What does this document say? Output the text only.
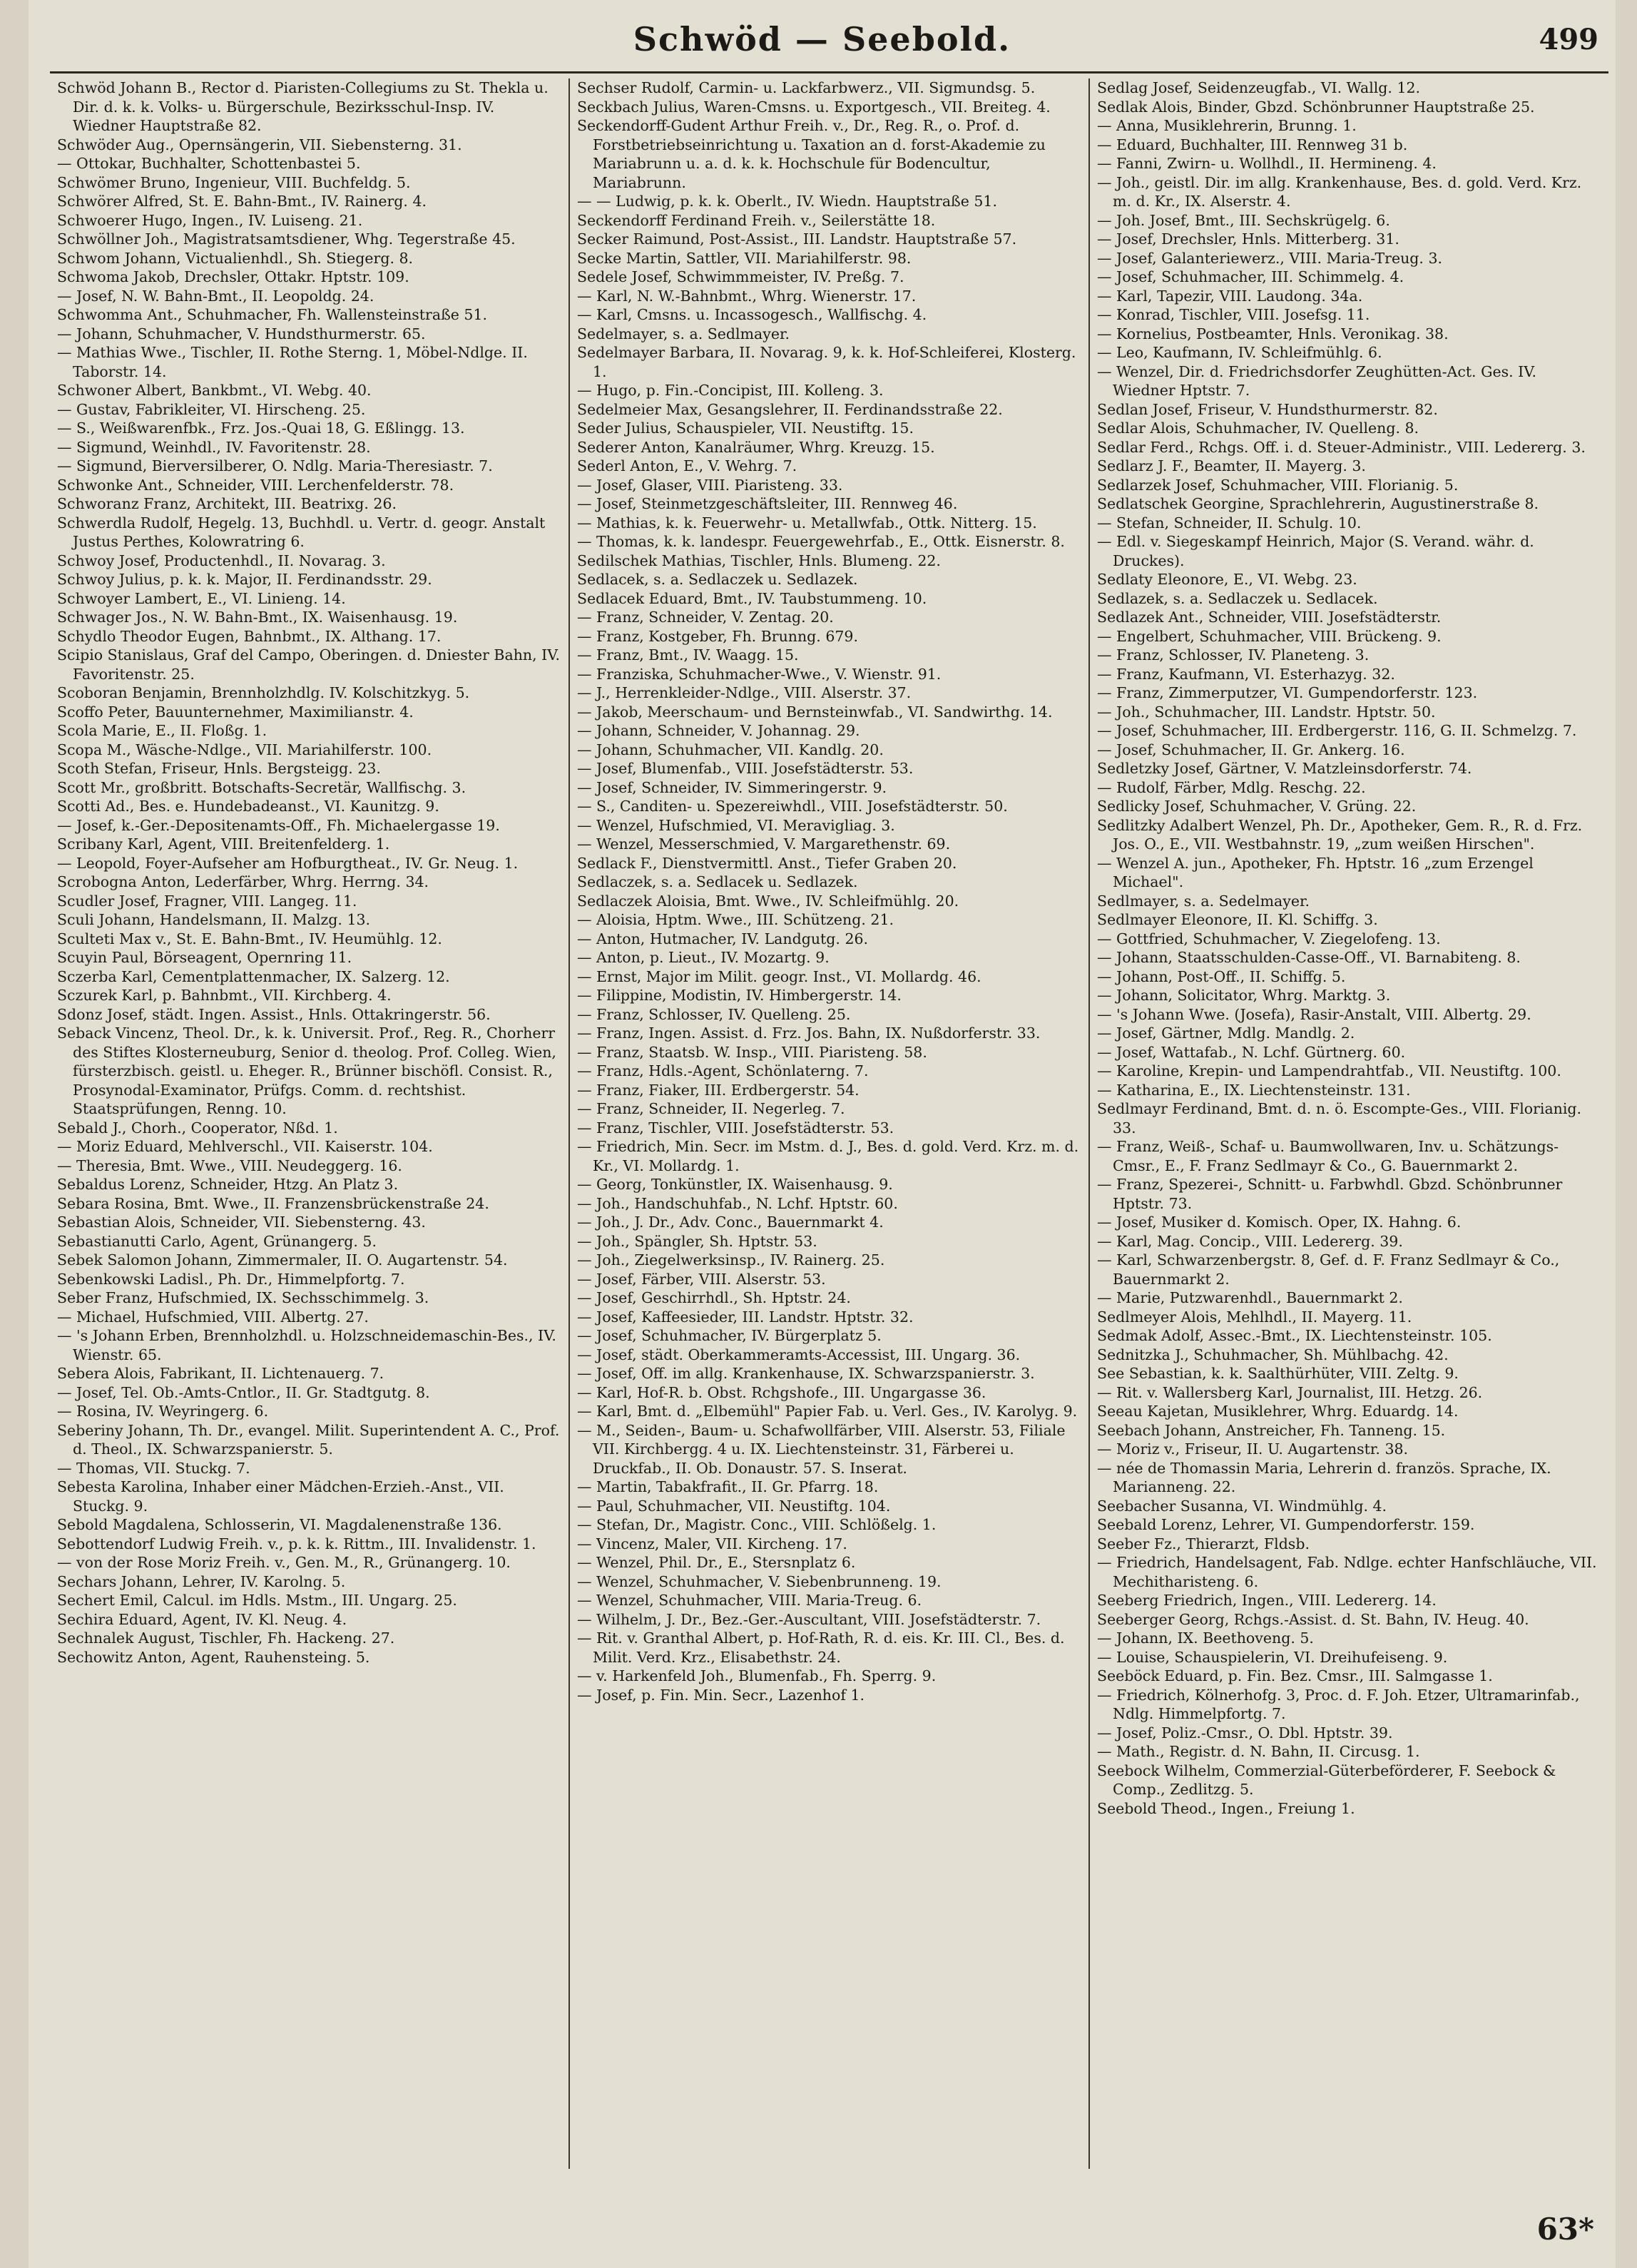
Schwöd — Seebold.	499
Schwöd Johann B., Rector d. Piaristen-Collegiums zu St. Thekla u. Dir. d. k. k. Volks- u. Bürgerschule, Bezirksschul-Insp. IV. Wiedner Hauptstraße 82.
Schwöder Aug., Opernsängerin, VII. Siebensterng. 31.
— Ottokar, Buchhalter, Schottenbastei 5.
Schwömer Bruno, Ingenieur, VIII. Buchfeldg. 5.
Schwörer Alfred, St. E. Bahn-Bmt., IV. Rainerg. 4.
Schwoerer Hugo, Ingen., IV. Luiseng. 21.
Schwöllner Joh., Magistratsamtsdiener, Whg. Tegerstraße 45.
Schwom Johann, Victualienhdl., Sh. Stiegerg. 8.
Schwoma Jakob, Drechsler, Ottakr. Hptstr. 109.
— Josef, N. W. Bahn-Bmt., II. Leopoldg. 24.
Schwomma Ant., Schuhmacher, Fh. Wallensteinstraße 51.
— Johann, Schuhmacher, V. Hundsthurmerstr. 65.
— Mathias Wwe., Tischler, II. Rothe Sterng. 1, Möbel-Ndlge. II. Taborstr. 14.
Schwoner Albert, Bankbmt., VI. Webg. 40.
— Gustav, Fabrikleiter, VI. Hirscheng. 25.
— S., Weißwarenfbk., Frz. Jos.-Quai 18, G. Eßlingg. 13.
— Sigmund, Weinhdl., IV. Favoritenstr. 28.
— Sigmund, Bierversilberer, O. Ndlg. Maria-Theresiastr. 7.
Schwonke Ant., Schneider, VIII. Lerchenfelderstr. 78.
Schworanz Franz, Architekt, III. Beatrixg. 26.
Schwerdla Rudolf, Hegelg. 13, Buchhdl. u. Vertr. d. geogr. Anstalt Justus Perthes, Kolowratring 6.
Schwoy Josef, Productenhdl., II. Novarag. 3.
Schwoy Julius, p. k. k. Major, II. Ferdinandsstr. 29.
Schwoyer Lambert, E., VI. Linieng. 14.
Schwager Jos., N. W. Bahn-Bmt., IX. Waisenhausg. 19.
Schydlo Theodor Eugen, Bahnbmt., IX. Althang. 17.
Scipio Stanislaus, Graf del Campo, Oberingen. d. Dniester Bahn, IV. Favoritenstr. 25.
Scoboran Benjamin, Brennholzhdlg. IV. Kolschitzkyg. 5.
Scoffo Peter, Bauunternehmer, Maximilianstr. 4.
Scola Marie, E., II. Floßg. 1.
Scopa M., Wäsche-Ndlge., VII. Mariahilferstr. 100.
Scoth Stefan, Friseur, Hnls. Bergsteigg. 23.
Scott Mr., großbritt. Botschafts-Secretär, Wallfischg. 3.
Scotti Ad., Bes. e. Hundebadeanst., VI. Kaunitzg. 9.
— Josef, k.-Ger.-Depositenamts-Off., Fh. Michaelergasse 19.
Scribany Karl, Agent, VIII. Breitenfelderg. 1.
— Leopold, Foyer-Aufseher am Hofburgtheat., IV. Gr. Neug. 1.
Scrobogna Anton, Lederfärber, Whrg. Herrng. 34.
Scudler Josef, Fragner, VIII. Langeg. 11.
Sculi Johann, Handelsmann, II. Malzg. 13.
Sculteti Max v., St. E. Bahn-Bmt., IV. Heumühlg. 12.
Scuyin Paul, Börseagent, Opernring 11.
Sczerba Karl, Cementplattenmacher, IX. Salzerg. 12.
Sczurek Karl, p. Bahnbmt., VII. Kirchberg. 4.
Sdonz Josef, städt. Ingen. Assist., Hnls. Ottakringerstr. 56.
Seback Vincenz, Theol. Dr., k. k. Universit. Prof., Reg. R., Chorherr des Stiftes Klosterneuburg, Senior d. theolog. Prof. Colleg. Wien, fürsterzbisch. geistl. u. Eheger. R., Brünner bischöfl. Consist. R., Prosynodal-Examinator, Prüfgs. Comm. d. rechtshist. Staatsprüfungen, Renng. 10.
Sebald J., Chorh., Cooperator, Nßd. 1.
— Moriz Eduard, Mehlverschl., VII. Kaiserstr. 104.
— Theresia, Bmt. Wwe., VIII. Neudeggerg. 16.
Sebaldus Lorenz, Schneider, Htzg. An Platz 3.
Sebara Rosina, Bmt. Wwe., II. Franzensbrückenstraße 24.
Sebastian Alois, Schneider, VII. Siebensterng. 43.
Sebastianutti Carlo, Agent, Grünangerg. 5.
Sebek Salomon Johann, Zimmermaler, II. O. Augartenstr. 54.
Sebenkowski Ladisl., Ph. Dr., Himmelpfortg. 7.
Seber Franz, Hufschmied, IX. Sechsschimmelg. 3.
— Michael, Hufschmied, VIII. Albertg. 27.
— 's Johann Erben, Brennholzhdl. u. Holzschneidemaschin-Bes., IV. Wienstr. 65.
Sebera Alois, Fabrikant, II. Lichtenauerg. 7.
— Josef, Tel. Ob.-Amts-Cntlor., II. Gr. Stadtgutg. 8.
— Rosina, IV. Weyringerg. 6.
Seberiny Johann, Th. Dr., evangel. Milit. Superintendent A. C., Prof. d. Theol., IX. Schwarzspanierstr. 5.
— Thomas, VII. Stuckg. 7.
Sebesta Karolina, Inhaber einer Mädchen-Erzieh.-Anst., VII. Stuckg. 9.
Sebold Magdalena, Schlosserin, VI. Magdalenenstraße 136.
Sebottendorf Ludwig Freih. v., p. k. k. Rittm., III. Invalidenstr. 1.
— von der Rose Moriz Freih. v., Gen. M., R., Grünangerg. 10.
Sechars Johann, Lehrer, IV. Karolng. 5.
Sechert Emil, Calcul. im Hdls. Mstm., III. Ungarg. 25.
Sechira Eduard, Agent, IV. Kl. Neug. 4.
Sechnalek August, Tischler, Fh. Hackeng. 27.
Sechowitz Anton, Agent, Rauhensteing. 5.
Sechser Rudolf, Carmin- u. Lackfarbwerz., VII. Sigmundsg. 5.
Seckbach Julius, Waren-Cmsns. u. Exportgesch., VII. Breiteg. 4.
Seckendorff-Gudent Arthur Freih. v., Dr., Reg. R., o. Prof. d. Forstbetriebseinrichtung u. Taxation an d. forst-Akademie zu Mariabrunn u. a. d. k. k. Hochschule für Bodencultur, Mariabrunn.
— — Ludwig, p. k. k. Oberlt., IV. Wiedn. Hauptstraße 51.
Seckendorff Ferdinand Freih. v., Seilerstätte 18.
Secker Raimund, Post-Assist., III. Landstr. Hauptstraße 57.
Secke Martin, Sattler, VII. Mariahilferstr. 98.
Sedele Josef, Schwimmmeister, IV. Preßg. 7.
— Karl, N. W.-Bahnbmt., Whrg. Wienerstr. 17.
— Karl, Cmsns. u. Incassogesch., Wallfischg. 4.
Sedelmayer, s. a. Sedlmayer.
Sedelmayer Barbara, II. Novarag. 9, k. k. Hof-Schleiferei, Klosterg. 1.
— Hugo, p. Fin.-Concipist, III. Kolleng. 3.
Sedelmeier Max, Gesangslehrer, II. Ferdinandsstraße 22.
Seder Julius, Schauspieler, VII. Neustiftg. 15.
Sederer Anton, Kanalräumer, Whrg. Kreuzg. 15.
Sederl Anton, E., V. Wehrg. 7.
— Josef, Glaser, VIII. Piaristeng. 33.
— Josef, Steinmetzgeschäftsleiter, III. Rennweg 46.
— Mathias, k. k. Feuerwehr- u. Metallwfab., Ottk. Nitterg. 15.
— Thomas, k. k. landespr. Feuergewehrfab., E., Ottk. Eisnerstr. 8.
Sedilschek Mathias, Tischler, Hnls. Blumeng. 22.
Sedlacek, s. a. Sedlaczek u. Sedlazek.
Sedlacek Eduard, Bmt., IV. Taubstummeng. 10.
— Franz, Schneider, V. Zentag. 20.
— Franz, Kostgeber, Fh. Brunng. 679.
— Franz, Bmt., IV. Waagg. 15.
— Franziska, Schuhmacher-Wwe., V. Wienstr. 91.
— J., Herrenkleider-Ndlge., VIII. Alserstr. 37.
— Jakob, Meerschaum- und Bernsteinwfab., VI. Sandwirthg. 14.
— Johann, Schneider, V. Johannag. 29.
— Johann, Schuhmacher, VII. Kandlg. 20.
— Josef, Blumenfab., VIII. Josefstädterstr. 53.
— Josef, Schneider, IV. Simmeringerstr. 9.
— S., Canditen- u. Spezereiwhdl., VIII. Josefstädterstr. 50.
— Wenzel, Hufschmied, VI. Meravigliag. 3.
— Wenzel, Messerschmied, V. Margarethenstr. 69.
Sedlack F., Dienstvermittl. Anst., Tiefer Graben 20.
Sedlaczek, s. a. Sedlacek u. Sedlazek.
Sedlaczek Aloisia, Bmt. Wwe., IV. Schleifmühlg. 20.
— Aloisia, Hptm. Wwe., III. Schützeng. 21.
— Anton, Hutmacher, IV. Landgutg. 26.
— Anton, p. Lieut., IV. Mozartg. 9.
— Ernst, Major im Milit. geogr. Inst., VI. Mollardg. 46.
— Filippine, Modistin, IV. Himbergerstr. 14.
— Franz, Schlosser, IV. Quelleng. 25.
— Franz, Ingen. Assist. d. Frz. Jos. Bahn, IX. Nußdorferstr. 33.
— Franz, Staatsb. W. Insp., VIII. Piaristeng. 58.
— Franz, Hdls.-Agent, Schönlaterng. 7.
— Franz, Fiaker, III. Erdbergerstr. 54.
— Franz, Schneider, II. Negerleg. 7.
— Franz, Tischler, VIII. Josefstädterstr. 53.
— Friedrich, Min. Secr. im Mstm. d. J., Bes. d. gold. Verd. Krz. m. d. Kr., VI. Mollardg. 1.
— Georg, Tonkünstler, IX. Waisenhausg. 9.
— Joh., Handschuhfab., N. Lchf. Hptstr. 60.
— Joh., J. Dr., Adv. Conc., Bauernmarkt 4.
— Joh., Spängler, Sh. Hptstr. 53.
— Joh., Ziegelwerksinsp., IV. Rainerg. 25.
— Josef, Färber, VIII. Alserstr. 53.
— Josef, Geschirrhdl., Sh. Hptstr. 24.
— Josef, Kaffeesieder, III. Landstr. Hptstr. 32.
— Josef, Schuhmacher, IV. Bürgerplatz 5.
— Josef, städt. Oberkammeramts-Accessist, III. Ungarg. 36.
— Josef, Off. im allg. Krankenhause, IX. Schwarzspanierstr. 3.
— Karl, Hof-R. b. Obst. Rchgshofe., III. Ungargasse 36.
— Karl, Bmt. d. „Elbemühl" Papier Fab. u. Verl. Ges., IV. Karolyg. 9.
— M., Seiden-, Baum- u. Schafwollfärber, VIII. Alserstr. 53, Filiale VII. Kirchbergg. 4 u. IX. Liechtensteinstr. 31, Färberei u. Druckfab., II. Ob. Donaustr. 57. S. Inserat.
— Martin, Tabakfrafit., II. Gr. Pfarrg. 18.
— Paul, Schuhmacher, VII. Neustiftg. 104.
— Stefan, Dr., Magistr. Conc., VIII. Schlößelg. 1.
— Vincenz, Maler, VII. Kircheng. 17.
— Wenzel, Phil. Dr., E., Stersnplatz 6.
— Wenzel, Schuhmacher, V. Siebenbrunneng. 19.
— Wenzel, Schuhmacher, VIII. Maria-Treug. 6.
— Wilhelm, J. Dr., Bez.-Ger.-Auscultant, VIII. Josefstädterstr. 7.
— Rit. v. Granthal Albert, p. Hof-Rath, R. d. eis. Kr. III. Cl., Bes. d. Milit. Verd. Krz., Elisabethstr. 24.
— v. Harkenfeld Joh., Blumenfab., Fh. Sperrg. 9.
— Josef, p. Fin. Min. Secr., Lazenhof 1.
Sedlag Josef, Seidenzeugfab., VI. Wallg. 12.
Sedlak Alois, Binder, Gbzd. Schönbrunner Hauptstraße 25.
— Anna, Musiklehrerin, Brunng. 1.
— Eduard, Buchhalter, III. Rennweg 31 b.
— Fanni, Zwirn- u. Wollhdl., II. Hermineng. 4.
— Joh., geistl. Dir. im allg. Krankenhause, Bes. d. gold. Verd. Krz. m. d. Kr., IX. Alserstr. 4.
— Joh. Josef, Bmt., III. Sechskrügelg. 6.
— Josef, Drechsler, Hnls. Mitterberg. 31.
— Josef, Galanteriewerz., VIII. Maria-Treug. 3.
— Josef, Schuhmacher, III. Schimmelg. 4.
— Karl, Tapezir, VIII. Laudong. 34a.
— Konrad, Tischler, VIII. Josefsg. 11.
— Kornelius, Postbeamter, Hnls. Veronikag. 38.
— Leo, Kaufmann, IV. Schleifmühlg. 6.
— Wenzel, Dir. d. Friedrichsdorfer Zeughütten-Act. Ges. IV. Wiedner Hptstr. 7.
Sedlan Josef, Friseur, V. Hundsthurmerstr. 82.
Sedlar Alois, Schuhmacher, IV. Quelleng. 8.
Sedlar Ferd., Rchgs. Off. i. d. Steuer-Administr., VIII. Ledererg. 3.
Sedlarz J. F., Beamter, II. Mayerg. 3.
Sedlarzek Josef, Schuhmacher, VIII. Florianig. 5.
Sedlatschek Georgine, Sprachlehrerin, Augustinerstraße 8.
— Stefan, Schneider, II. Schulg. 10.
— Edl. v. Siegeskampf Heinrich, Major (S. Verand. währ. d. Druckes).
Sedlaty Eleonore, E., VI. Webg. 23.
Sedlazek, s. a. Sedlaczek u. Sedlacek.
Sedlazek Ant., Schneider, VIII. Josefstädterstr.
— Engelbert, Schuhmacher, VIII. Brückeng. 9.
— Franz, Schlosser, IV. Planeteng. 3.
— Franz, Kaufmann, VI. Esterhazyg. 32.
— Franz, Zimmerputzer, VI. Gumpendorferstr. 123.
— Joh., Schuhmacher, III. Landstr. Hptstr. 50.
— Josef, Schuhmacher, III. Erdbergerstr. 116, G. II. Schmelzg. 7.
— Josef, Schuhmacher, II. Gr. Ankerg. 16.
Sedletzky Josef, Gärtner, V. Matzleinsdorferstr. 74.
— Rudolf, Färber, Mdlg. Reschg. 22.
Sedlicky Josef, Schuhmacher, V. Grüng. 22.
Sedlitzky Adalbert Wenzel, Ph. Dr., Apotheker, Gem. R., R. d. Frz. Jos. O., E., VII. Westbahnstr. 19, „zum weißen Hirschen".
— Wenzel A. jun., Apotheker, Fh. Hptstr. 16 „zum Erzengel Michael".
Sedlmayer, s. a. Sedelmayer.
Sedlmayer Eleonore, II. Kl. Schiffg. 3.
— Gottfried, Schuhmacher, V. Ziegelofeng. 13.
— Johann, Staatsschulden-Casse-Off., VI. Barnabiteng. 8.
— Johann, Post-Off., II. Schiffg. 5.
— Johann, Solicitator, Whrg. Marktg. 3.
— 's Johann Wwe. (Josefa), Rasir-Anstalt, VIII. Albertg. 29.
— Josef, Gärtner, Mdlg. Mandlg. 2.
— Josef, Wattafab., N. Lchf. Gürtnerg. 60.
— Karoline, Krepin- und Lampendrahtfab., VII. Neustiftg. 100.
— Katharina, E., IX. Liechtensteinstr. 131.
Sedlmayr Ferdinand, Bmt. d. n. ö. Escompte-Ges., VIII. Florianig. 33.
— Franz, Weiß-, Schaf- u. Baumwollwaren, Inv. u. Schätzungs-Cmsr., E., F. Franz Sedlmayr & Co., G. Bauernmarkt 2.
— Franz, Spezerei-, Schnitt- u. Farbwhdl. Gbzd. Schönbrunner Hptstr. 73.
— Josef, Musiker d. Komisch. Oper, IX. Hahng. 6.
— Karl, Mag. Concip., VIII. Ledererg. 39.
— Karl, Schwarzenbergstr. 8, Gef. d. F. Franz Sedlmayr & Co., Bauernmarkt 2.
— Marie, Putzwarenhdl., Bauernmarkt 2.
Sedlmeyer Alois, Mehlhdl., II. Mayerg. 11.
Sedmak Adolf, Assec.-Bmt., IX. Liechtensteinstr. 105.
Sednitzka J., Schuhmacher, Sh. Mühlbachg. 42.
See Sebastian, k. k. Saalthürhüter, VIII. Zeltg. 9.
— Rit. v. Wallersberg Karl, Journalist, III. Hetzg. 26.
Seeau Kajetan, Musiklehrer, Whrg. Eduardg. 14.
Seebach Johann, Anstreicher, Fh. Tanneng. 15.
— Moriz v., Friseur, II. U. Augartenstr. 38.
— née de Thomassin Maria, Lehrerin d. französ. Sprache, IX. Marianneng. 22.
Seebacher Susanna, VI. Windmühlg. 4.
Seebald Lorenz, Lehrer, VI. Gumpendorferstr. 159.
Seeber Fz., Thierarzt, Fldsb.
— Friedrich, Handelsagent, Fab. Ndlge. echter Hanfschläuche, VII. Mechitharisteng. 6.
Seeberg Friedrich, Ingen., VIII. Ledererg. 14.
Seeberger Georg, Rchgs.-Assist. d. St. Bahn, IV. Heug. 40.
— Johann, IX. Beethoveng. 5.
— Louise, Schauspielerin, VI. Dreihufeiseng. 9.
Seeböck Eduard, p. Fin. Bez. Cmsr., III. Salmgasse 1.
— Friedrich, Kölnerhofg. 3, Proc. d. F. Joh. Etzer, Ultramarinfab., Ndlg. Himmelpfortg. 7.
— Josef, Poliz.-Cmsr., O. Dbl. Hptstr. 39.
— Math., Registr. d. N. Bahn, II. Circusg. 1.
Seebock Wilhelm, Commerzial-Güterbeförderer, F. Seebock & Comp., Zedlitzg. 5.
Seebold Theod., Ingen., Freiung 1.
63*
